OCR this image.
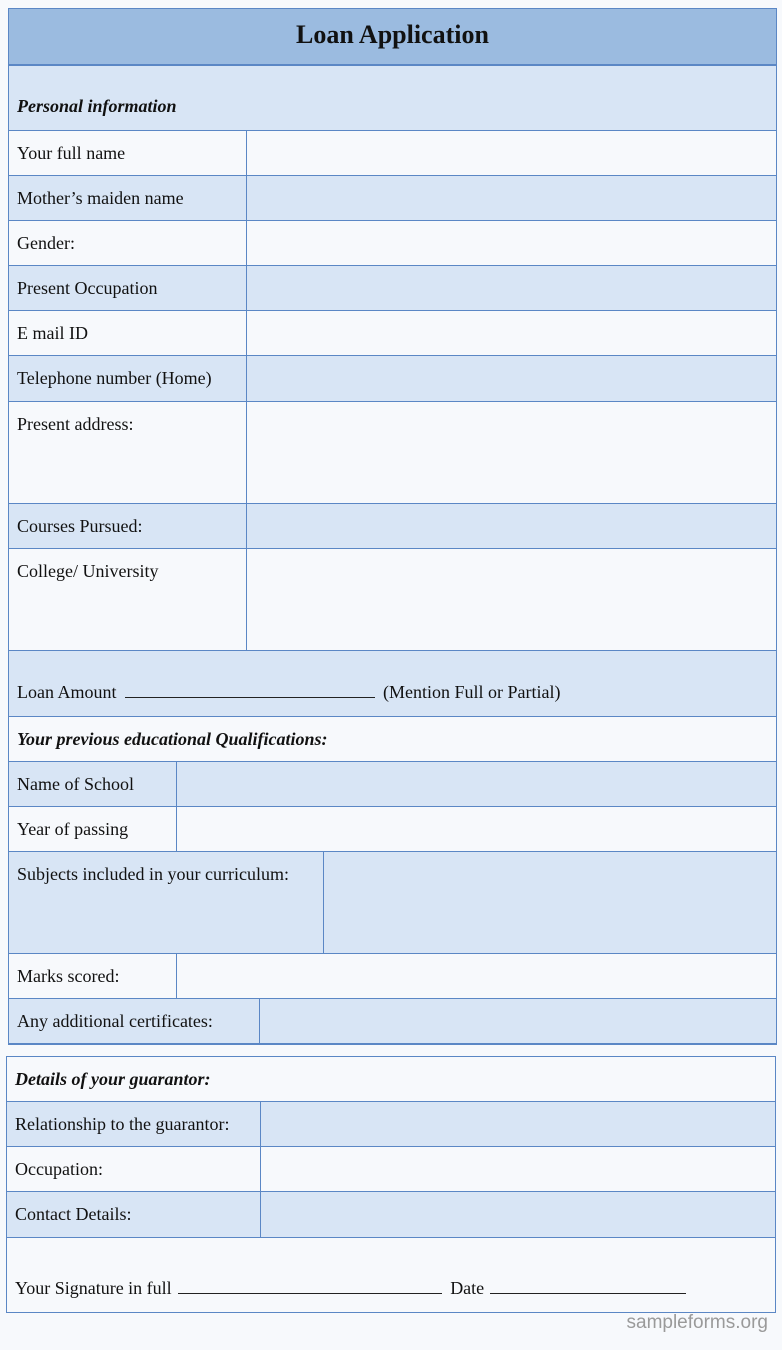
Loan Application
Personal information
Your full name
Mother’s maiden name
Gender:
Present Occupation
E mail ID
Telephone number (Home)
Present address:
Courses Pursued:
College/ University
Loan Amount	(Mention Full or Partial)
Your previous educational Qualifications:
Name of School
Year of passing
Subjects included in your curriculum:
Marks scored:
Any additional certificates:
Details of your guarantor:
Relationship to the guarantor:
Occupation:
Contact Details:
Your Signature in full	Date
sampleforms.org
